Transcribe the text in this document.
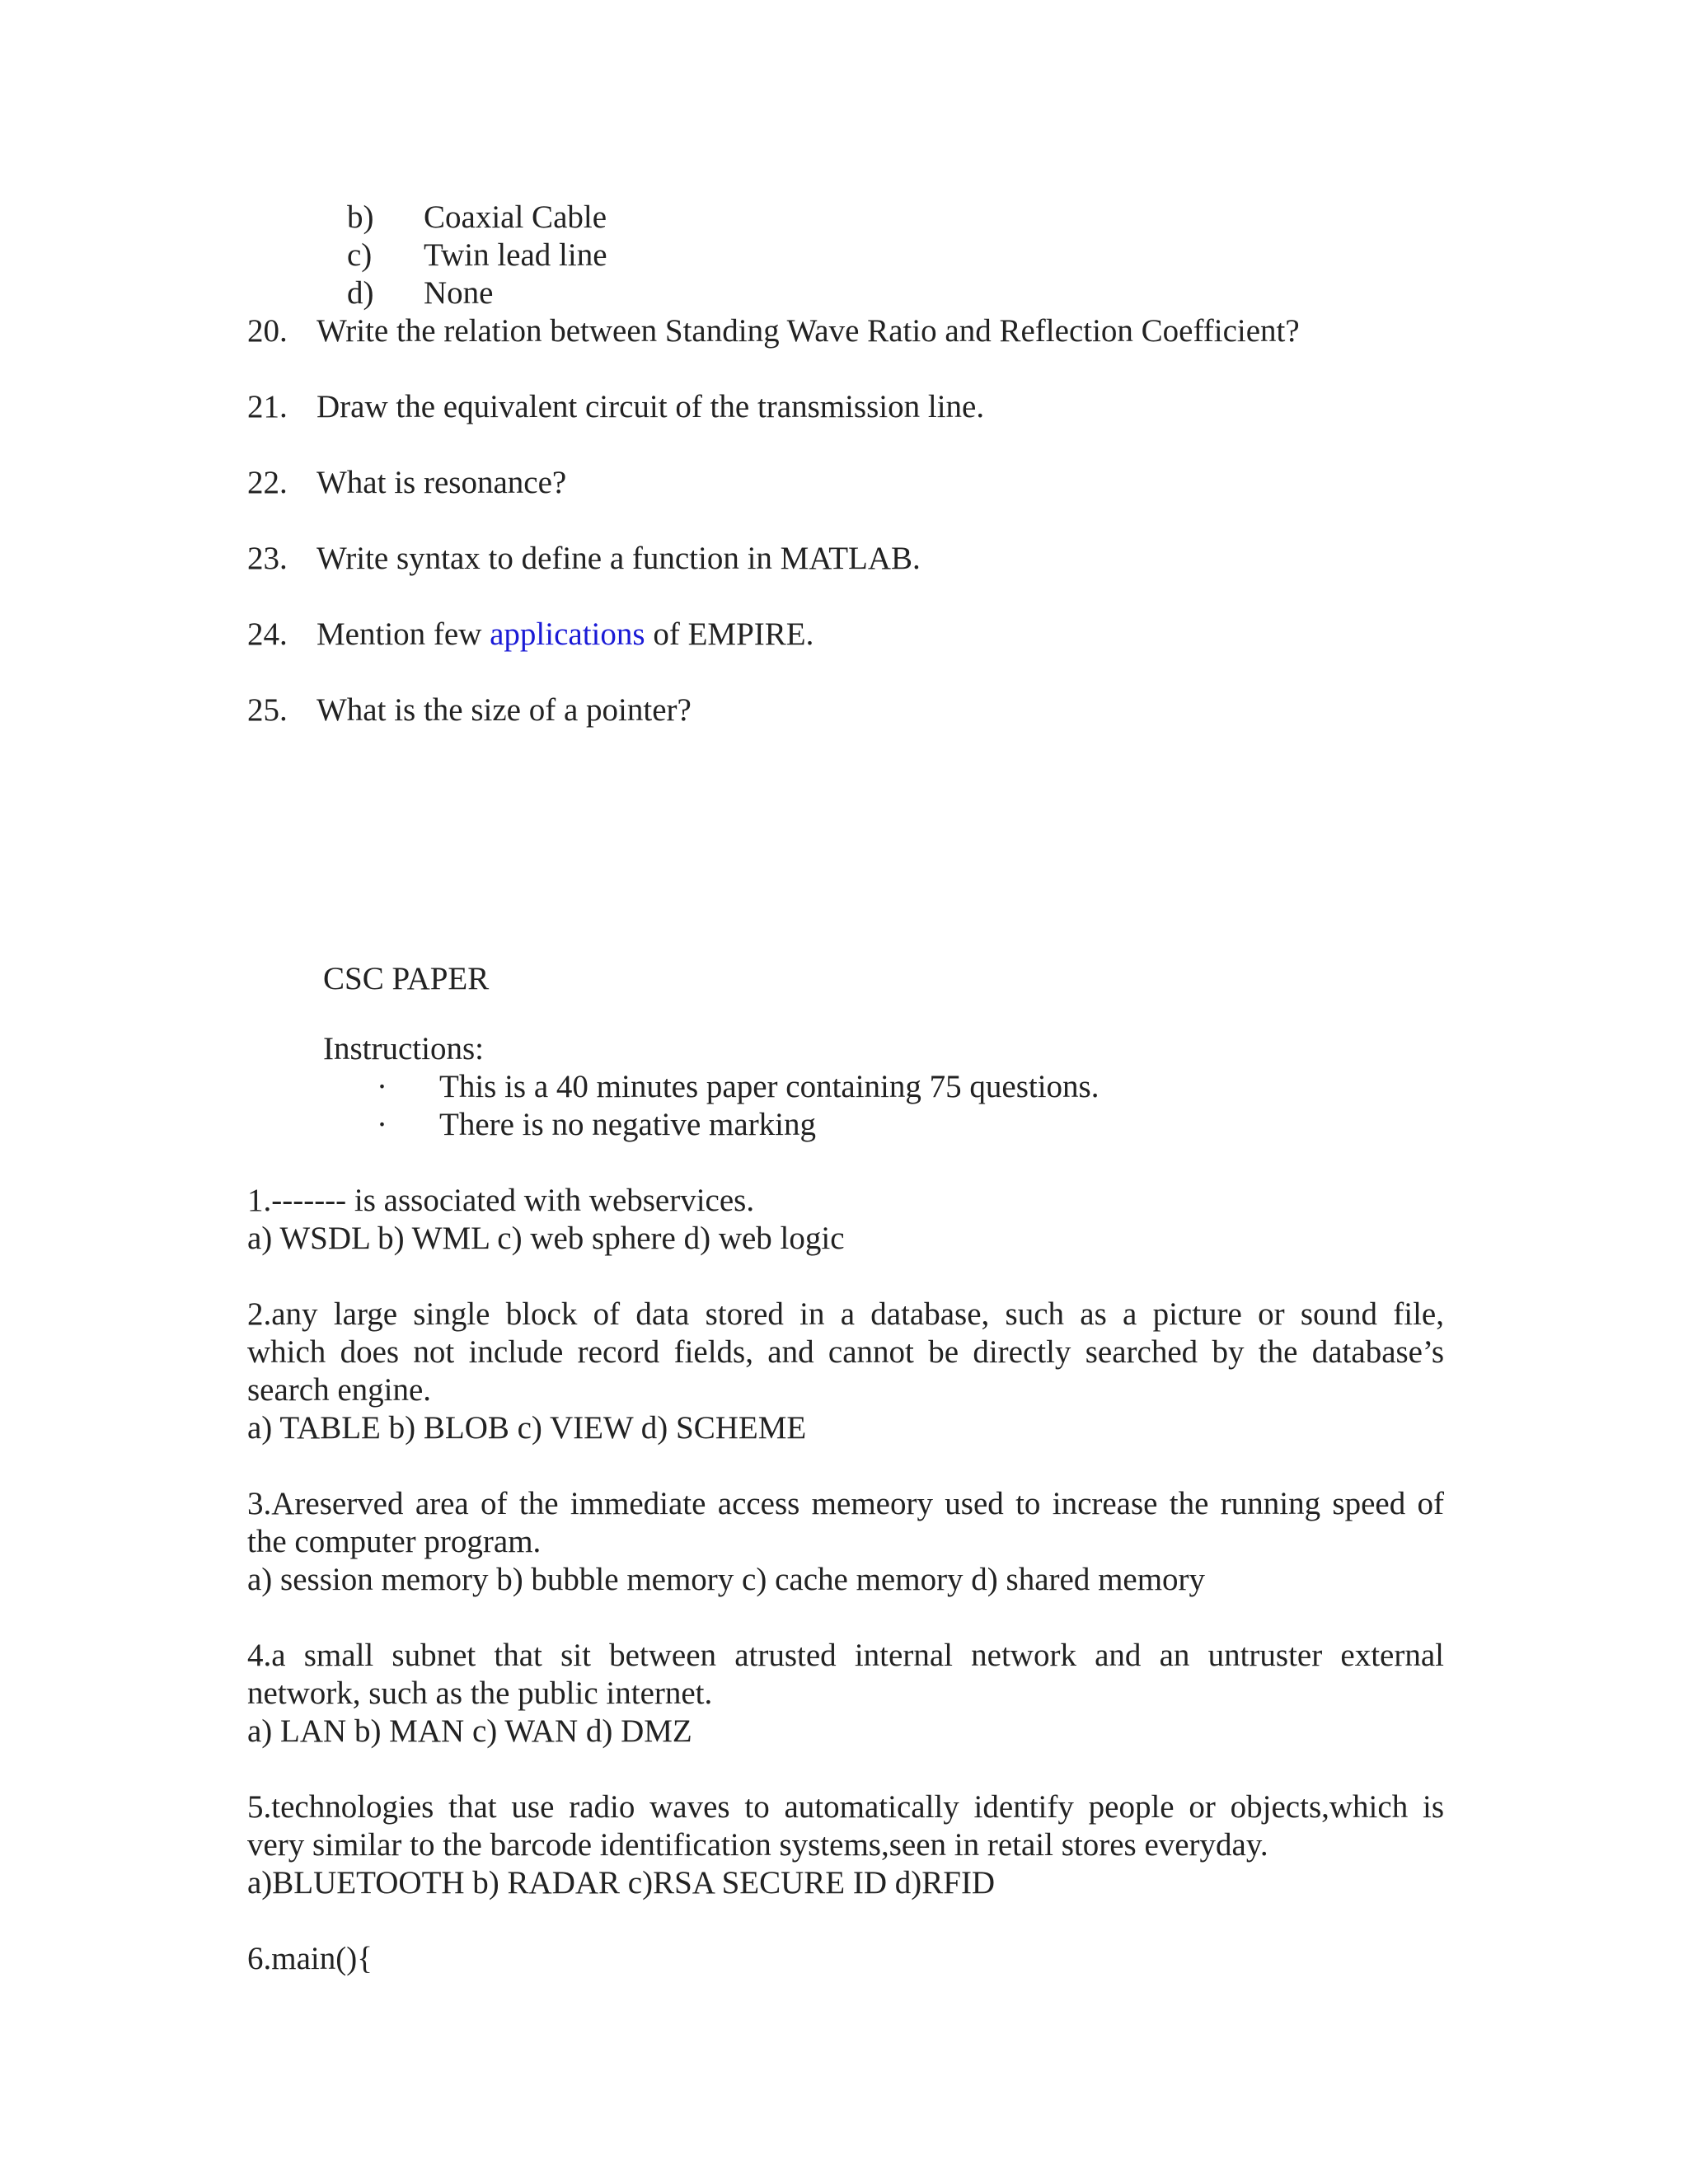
b) Coaxial Cable
c) Twin lead line
d) None
20. Write the relation between Standing Wave Ratio and Reflection Coefficient?
21. Draw the equivalent circuit of the transmission line.
22. What is resonance?
23. Write syntax to define a function in MATLAB.
24. Mention few applications of EMPIRE.
25. What is the size of a pointer?
CSC PAPER
Instructions:
· This is a 40 minutes paper containing 75 questions.
· There is no negative marking
1.------- is associated with webservices.
a) WSDL b) WML c) web sphere d) web logic
2.any large single block of data stored in a database, such as a picture or sound file,
which does not include record fields, and cannot be directly searched by the database’s
search engine.
a) TABLE b) BLOB c) VIEW d) SCHEME
3.Areserved area of the immediate access memeory used to increase the running speed of
the computer program.
a) session memory b) bubble memory c) cache memory d) shared memory
4.a small subnet that sit between atrusted internal network and an untruster external
network, such as the public internet.
a) LAN b) MAN c) WAN d) DMZ
5.technologies that use radio waves to automatically identify people or objects,which is
very similar to the barcode identification systems,seen in retail stores everyday.
a)BLUETOOTH b) RADAR c)RSA SECURE ID d)RFID
6.main(){
